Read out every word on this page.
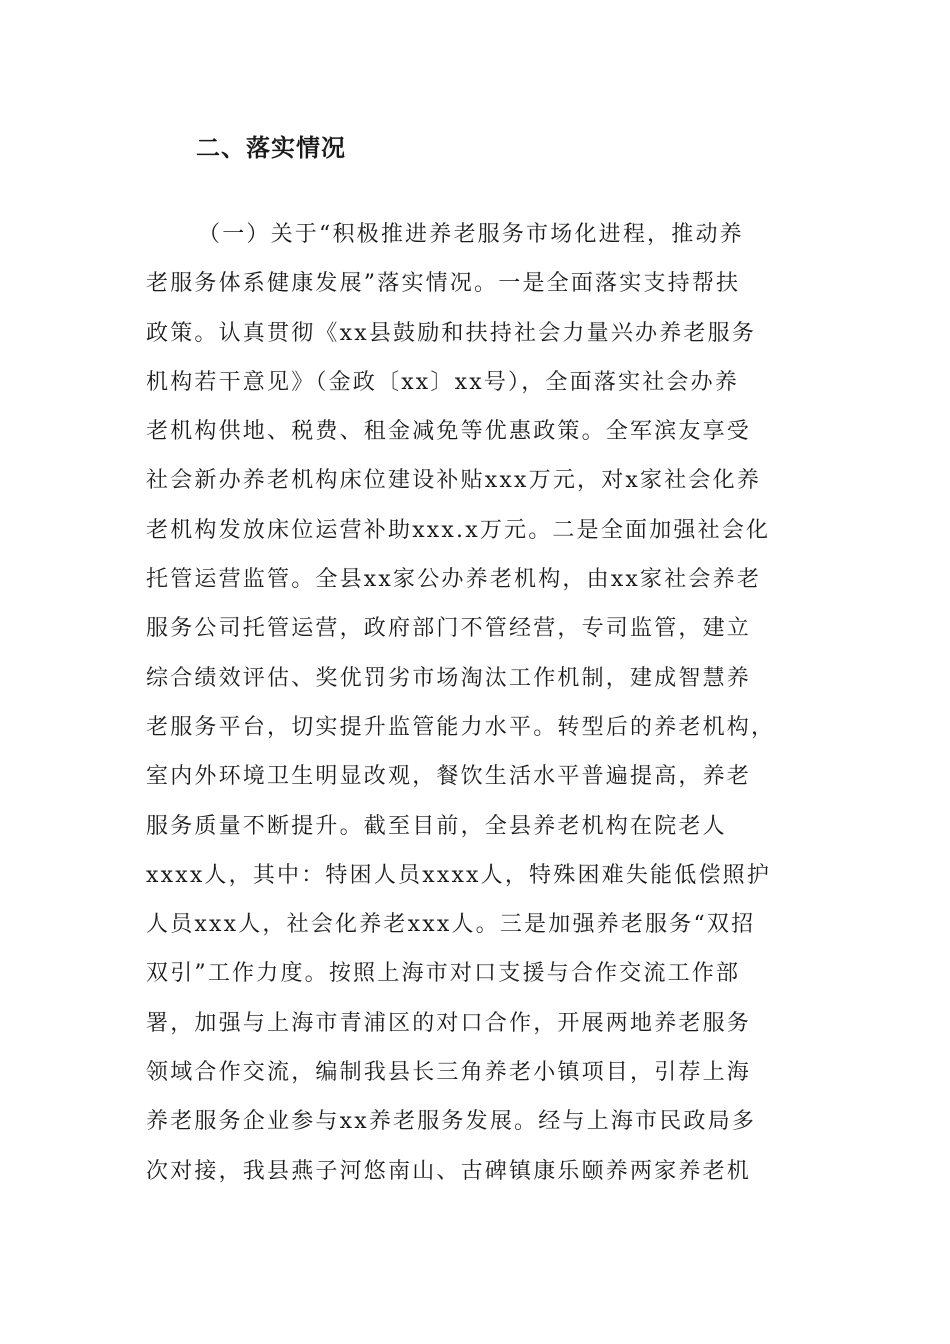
二、落实情况
（一）关于“积极推进养老服务市场化进程，推动养
老服务体系健康发展”落实情况。一是全面落实支持帮扶
政策。认真贯彻《xx县鼓励和扶持社会力量兴办养老服务
机构若干意见》（金政〔xx〕xx号），全面落实社会办养
老机构供地、税费、租金减免等优惠政策。全军滨友享受
社会新办养老机构床位建设补贴xxx万元，对x家社会化养
老机构发放床位运营补助xxx.x万元。二是全面加强社会化
托管运营监管。全县xx家公办养老机构，由xx家社会养老
服务公司托管运营，政府部门不管经营，专司监管，建立
综合绩效评估、奖优罚劣市场淘汰工作机制，建成智慧养
老服务平台，切实提升监管能力水平。转型后的养老机构，
室内外环境卫生明显改观，餐饮生活水平普遍提高，养老
服务质量不断提升。截至目前，全县养老机构在院老人
xxxx人，其中：特困人员xxxx人，特殊困难失能低偿照护
人员xxx人，社会化养老xxx人。三是加强养老服务“双招
双引”工作力度。按照上海市对口支援与合作交流工作部
署，加强与上海市青浦区的对口合作，开展两地养老服务
领域合作交流，编制我县长三角养老小镇项目，引荐上海
养老服务企业参与xx养老服务发展。经与上海市民政局多
次对接，我县燕子河悠南山、古碑镇康乐颐养两家养老机
